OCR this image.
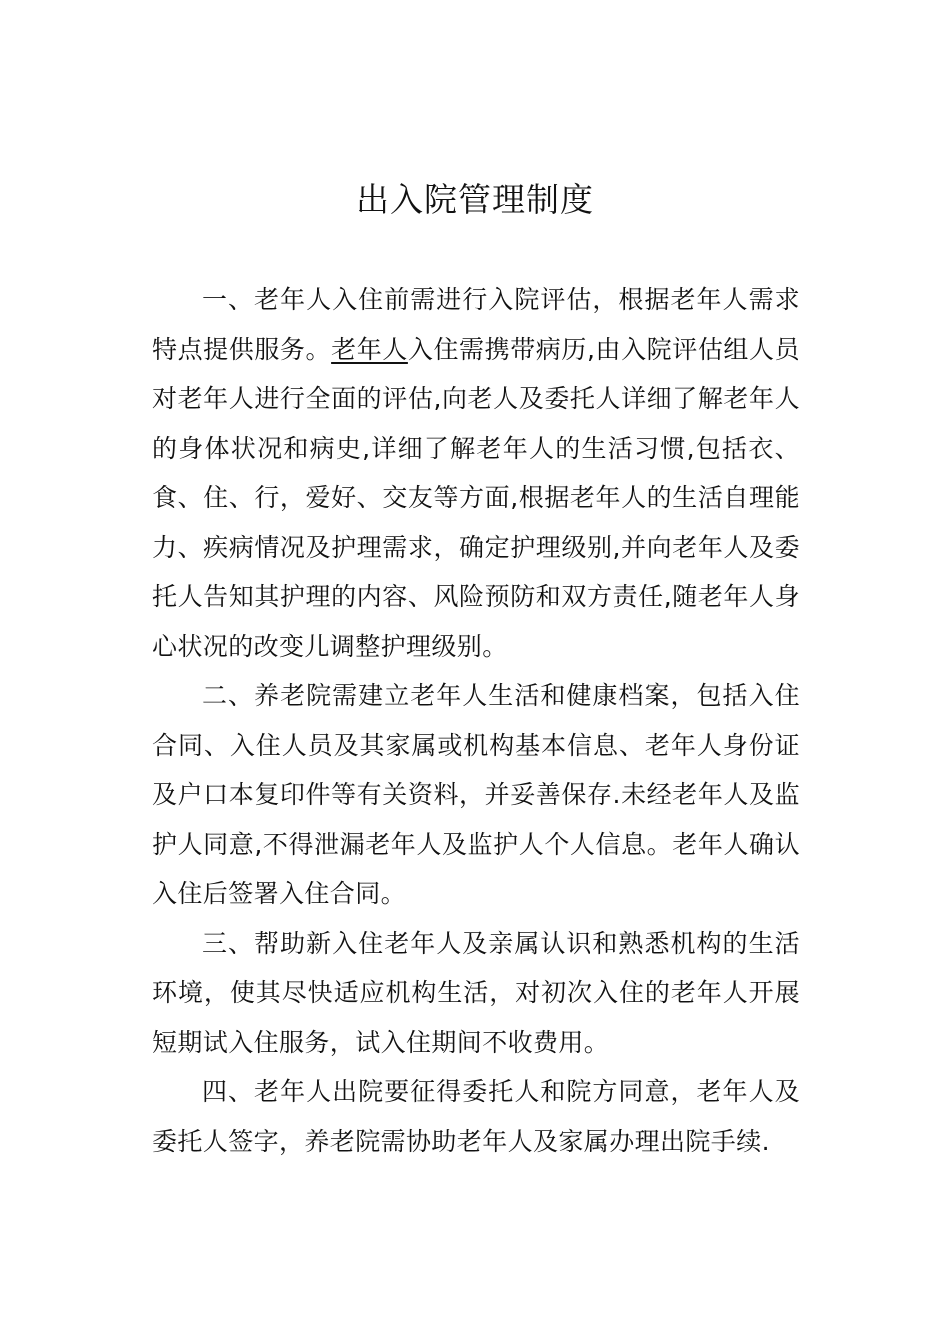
出入院管理制度

一、老年人入住前需进行入院评估，根据老年人需求特点提供服务。老年人入住需携带病历,由入院评估组人员对老年人进行全面的评估,向老人及委托人详细了解老年人的身体状况和病史,详细了解老年人的生活习惯,包括衣、食、住、行，爱好、交友等方面,根据老年人的生活自理能力、疾病情况及护理需求，确定护理级别,并向老年人及委托人告知其护理的内容、风险预防和双方责任,随老年人身心状况的改变儿调整护理级别。

二、养老院需建立老年人生活和健康档案，包括入住合同、入住人员及其家属或机构基本信息、老年人身份证及户口本复印件等有关资料，并妥善保存.未经老年人及监护人同意,不得泄漏老年人及监护人个人信息。老年人确认入住后签署入住合同。

三、帮助新入住老年人及亲属认识和熟悉机构的生活环境，使其尽快适应机构生活，对初次入住的老年人开展短期试入住服务，试入住期间不收费用。

四、老年人出院要征得委托人和院方同意，老年人及委托人签字，养老院需协助老年人及家属办理出院手续.
